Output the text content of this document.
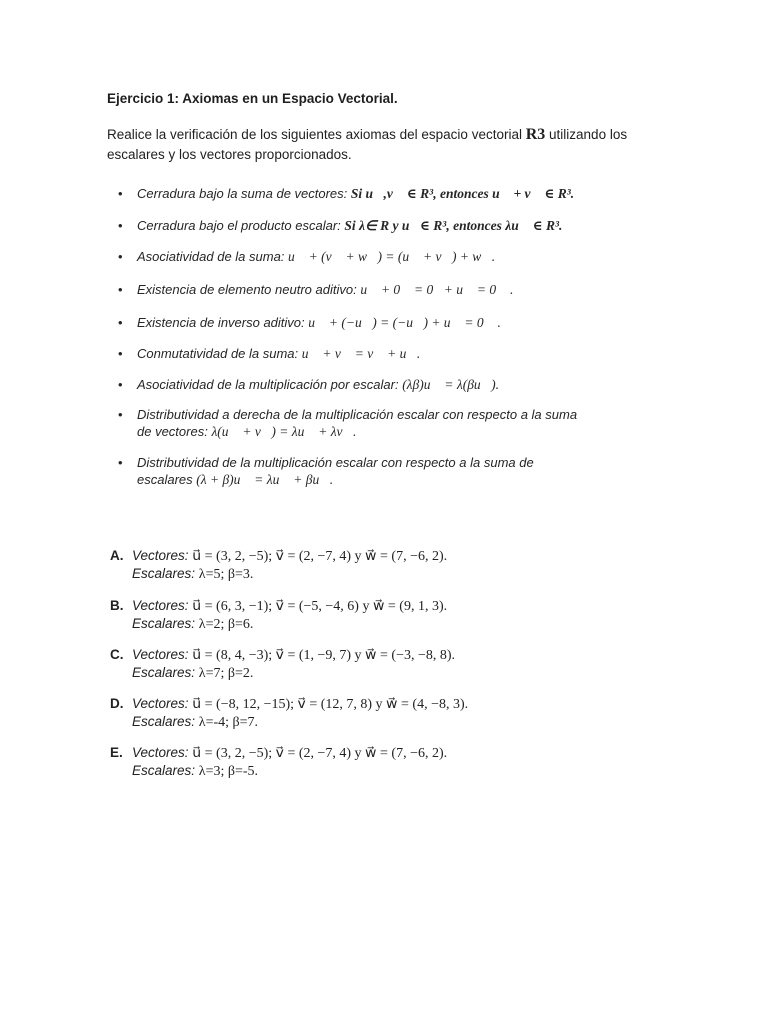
Ejercicio 1: Axiomas en un Espacio Vectorial.
Realice la verificación de los siguientes axiomas del espacio vectorial R3 utilizando los escalares y los vectores proporcionados.
• Cerradura bajo la suma de vectores: Si u⃗,v⃗ ∈ R³, entonces u⃗ + v⃗ ∈ R³.
• Cerradura bajo el producto escalar: Si λ∈ R y u⃗∈ R³, entonces λu⃗ ∈ R³.
• Asociatividad de la suma: u⃗ + (v⃗ + w⃗) = (u⃗ + v⃗) + w⃗.
• Existencia de elemento neutro aditivo: u⃗ + 0⃗ = 0⃗+ u⃗ = 0⃗ .
• Existencia de inverso aditivo: u⃗ + (−u⃗) = (−u⃗) + u⃗ = 0⃗ .
• Conmutatividad de la suma: u⃗ + v⃗ = v⃗ + u⃗.
• Asociatividad de la multiplicación por escalar: (λβ)u⃗ = λ(βu⃗).
• Distributividad a derecha de la multiplicación escalar con respecto a la suma de vectores: λ(u⃗ + v⃗) = λu⃗ + λv⃗.
• Distributividad de la multiplicación escalar con respecto a la suma de escalares (λ + β)u⃗ = λu⃗ + βu⃗.
A. Vectores: u⃗ = (3, 2, −5); v⃗ = (2, −7, 4) y w⃗ = (7, −6, 2).
Escalares: λ=5; β=3.
B. Vectores: u⃗ = (6, 3, −1); v⃗ = (−5, −4, 6) y w⃗ = (9, 1, 3).
Escalares: λ=2; β=6.
C. Vectores: u⃗ = (8, 4, −3); v⃗ = (1, −9, 7) y w⃗ = (−3, −8, 8).
Escalares: λ=7; β=2.
D. Vectores: u⃗ = (−8, 12, −15); v⃗ = (12, 7, 8) y w⃗ = (4, −8, 3).
Escalares: λ=-4; β=7.
E. Vectores: u⃗ = (3, 2, −5); v⃗ = (2, −7, 4) y w⃗ = (7, −6, 2).
Escalares: λ=3; β=-5.
